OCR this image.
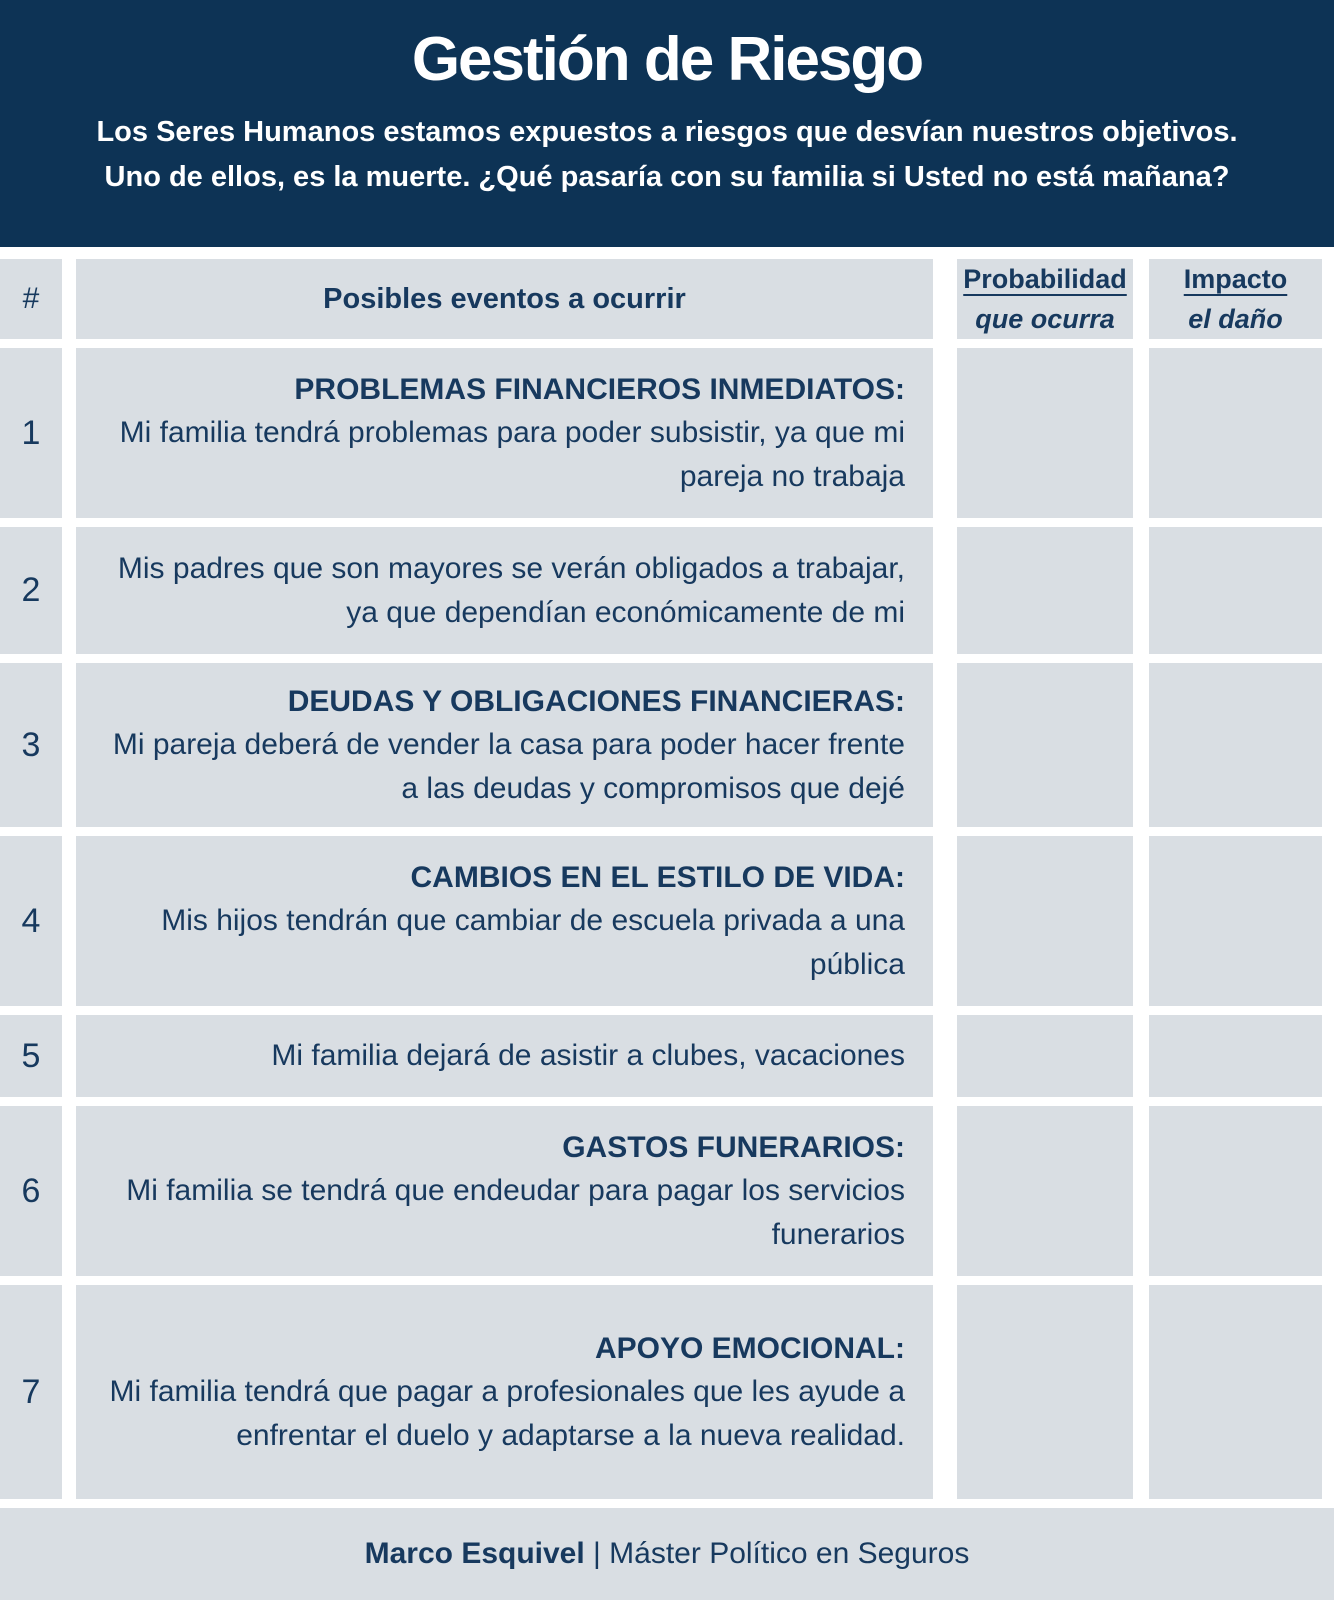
Gestión de Riesgo
Los Seres Humanos estamos expuestos a riesgos que desvían nuestros objetivos.
Uno de ellos, es la muerte. ¿Qué pasaría con su familia si Usted no está mañana?
#	Posibles eventos a ocurrir
Probabilidad
que ocurra
Impacto
el daño
1
PROBLEMAS FINANCIEROS INMEDIATOS:
Mi familia tendrá problemas para poder subsistir, ya que mi pareja no trabaja
2
Mis padres que son mayores se verán obligados a trabajar, ya que dependían económicamente de mi
3
DEUDAS Y OBLIGACIONES FINANCIERAS:
Mi pareja deberá de vender la casa para poder hacer frente a las deudas y compromisos que dejé
4
CAMBIOS EN EL ESTILO DE VIDA:
Mis hijos tendrán que cambiar de escuela privada a una pública
5	Mi familia dejará de asistir a clubes, vacaciones
6
GASTOS FUNERARIOS:
Mi familia se tendrá que endeudar para pagar los servicios funerarios
7
APOYO EMOCIONAL:
Mi familia tendrá que pagar a profesionales que les ayude a enfrentar el duelo y adaptarse a la nueva realidad.
Marco Esquivel | Máster Político en Seguros
